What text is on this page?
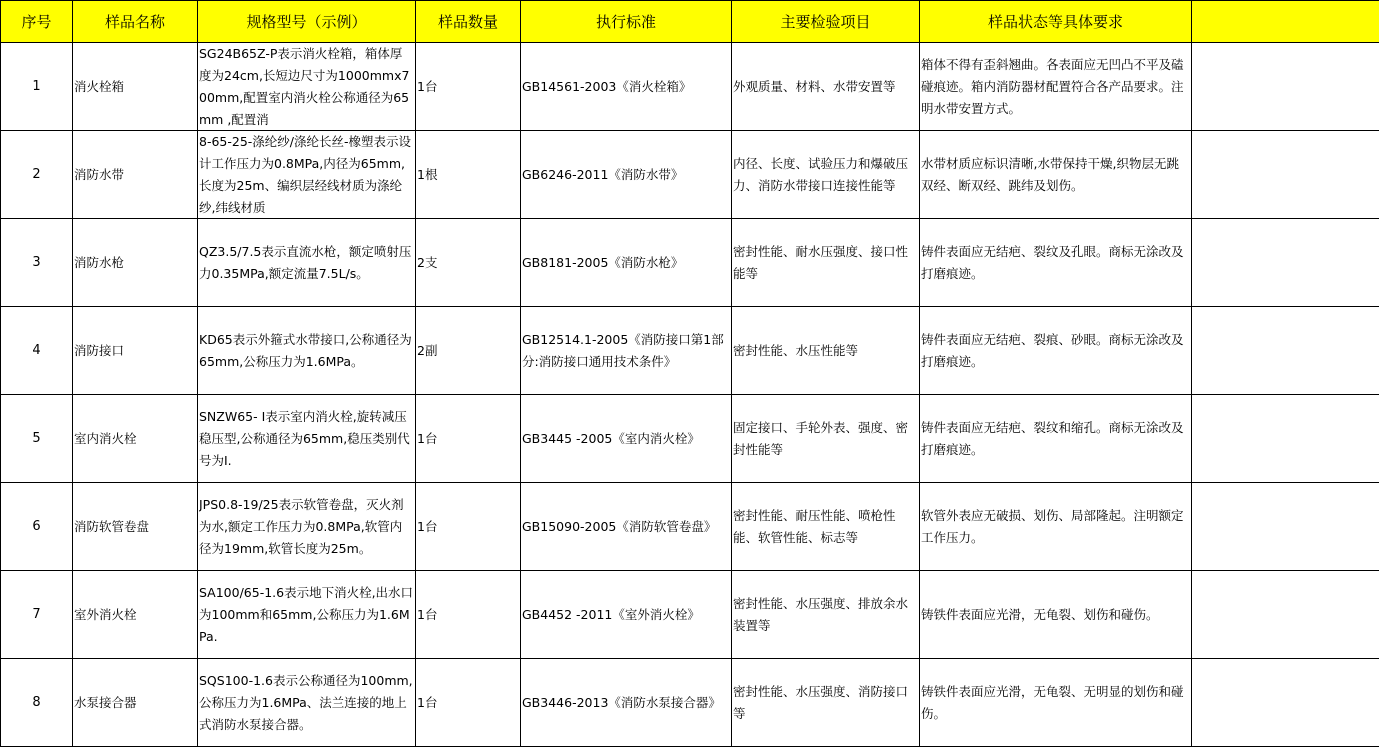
序号	样品名称	规格型号（示例）	样品数量	执行标准	主要检验项目	样品状态等具体要求	
1	消火栓箱	SG24B65Z-P表示消火栓箱，箱体厚度为24cm,长短边尺寸为1000mmx700mm,配置室内消火栓公称通径为65mm ,配置消	1台	GB14561-2003《消火栓箱》	外观质量、材料、水带安置等	箱体不得有歪斜翘曲。各表面应无凹凸不平及磕碰痕迹。箱内消防器材配置符合各产品要求。注明水带安置方式。	
2	消防水带	8-65-25-涤纶纱/涤纶长丝-橡塑表示设计工作压力为0.8MPa,内径为65mm,长度为25m、编织层经线材质为涤纶纱,纬线材质	1根	GB6246-2011《消防水带》	内径、长度、试验压力和爆破压力、消防水带接口连接性能等	水带材质应标识清晰,水带保持干燥,织物层无跳双经、断双经、跳纬及划伤。	
3	消防水枪	QZ3.5/7.5表示直流水枪，额定喷射压力0.35MPa,额定流量7.5L/s。	2支	GB8181-2005《消防水枪》	密封性能、耐水压强度、接口性能等	铸件表面应无结疤、裂纹及孔眼。商标无涂改及打磨痕迹。	
4	消防接口	KD65表示外箍式水带接口,公称通径为65mm,公称压力为1.6MPa。	2副	GB12514.1-2005《消防接口第1部分:消防接口通用技术条件》	密封性能、水压性能等	铸件表面应无结疤、裂痕、砂眼。商标无涂改及打磨痕迹。	
5	室内消火栓	SNZW65- Ⅰ表示室内消火栓,旋转减压稳压型,公称通径为65mm,稳压类别代号为Ⅰ.	1台	GB3445 -2005《室内消火栓》	固定接口、手轮外表、强度、密封性能等	铸件表面应无结疤、裂纹和缩孔。商标无涂改及打磨痕迹。	
6	消防软管卷盘	JPS0.8-19/25表示软管卷盘，灭火剂为水,额定工作压力为0.8MPa,软管内径为19mm,软管长度为25m。	1台	GB15090-2005《消防软管卷盘》	密封性能、耐压性能、喷枪性能、软管性能、标志等	软管外表应无破损、划伤、局部隆起。注明额定工作压力。	
7	室外消火栓	SA100/65-1.6表示地下消火栓,出水口为100mm和65mm,公称压力为1.6MPa.	1台	GB4452 -2011《室外消火栓》	密封性能、水压强度、排放余水装置等	铸铁件表面应光滑，无龟裂、划伤和碰伤。	
8	水泵接合器	SQS100-1.6表示公称通径为100mm,公称压力为1.6MPa、法兰连接的地上式消防水泵接合器。	1台	GB3446-2013《消防水泵接合器》	密封性能、水压强度、消防接口等	铸铁件表面应光滑，无龟裂、无明显的划伤和碰伤。	
